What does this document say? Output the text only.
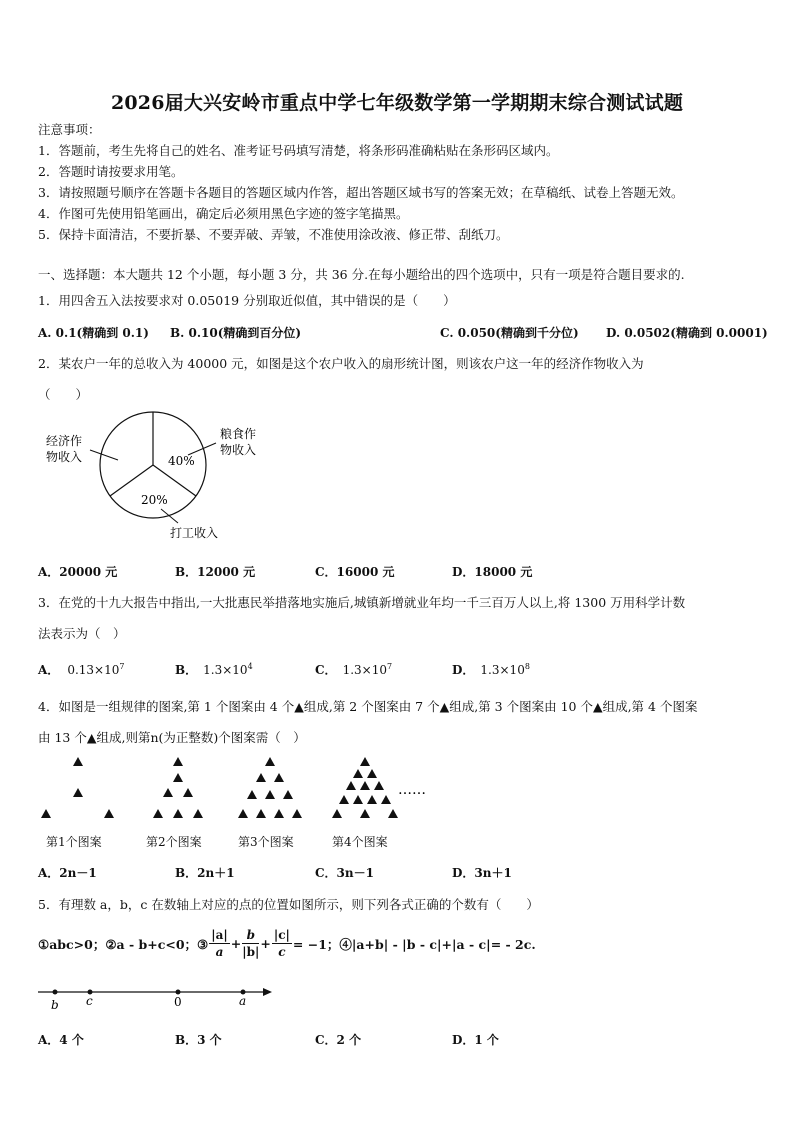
2026届大兴安岭市重点中学七年级数学第一学期期末综合测试试题
注意事项：
1．答题前，考生先将自己的姓名、准考证号码填写清楚，将条形码准确粘贴在条形码区域内。
2．答题时请按要求用笔。
3．请按照题号顺序在答题卡各题目的答题区域内作答，超出答题区域书写的答案无效；在草稿纸、试卷上答题无效。
4．作图可先使用铅笔画出，确定后必须用黑色字迹的签字笔描黑。
5．保持卡面清洁，不要折暴、不要弄破、弄皱，不准使用涂改液、修正带、刮纸刀。
一、选择题：本大题共 12 个小题，每小题 3 分，共 36 分.在每小题给出的四个选项中，只有一项是符合题目要求的.
1．用四舍五入法按要求对 0.05019 分别取近似值，其中错误的是（　　）
A. 0.1(精确到 0.1) B. 0.10(精确到百分位)	C. 0.050(精确到千分位) D. 0.0502(精确到 0.0001)
2．某农户一年的总收入为 40000 元，如图是这个农户收入的扇形统计图，则该农户这一年的经济作物收入为
（　　）
经济作
物收入
粮食作
物收入
40%
20%
打工收入
A．20000 元	B．12000 元	C．16000 元	D．18000 元
3．在党的十九大报告中指出,一大批惠民举措落地实施后,城镇新增就业年均一千三百万人以上,将 1300 万用科学计数
法表示为（　）
A． $0.13\times 10^7$	B． $1.3\times 10^4$	C． $1.3\times 10^7$	D． $1.3\times 10^8$
4．如图是一组规律的图案,第 1 个图案由 4 个▲组成,第 2 个图案由 7 个▲组成,第 3 个图案由 10 个▲组成,第 4 个图案
由 13 个▲组成,则第n(为正整数)个图案需（　）
……
第1个图案	第2个图案	第3个图案	第4个图案
A．2n－1	B．2n＋1	C．3n－1	D．3n＋1
5．有理数 a，b，c 在数轴上对应的点的位置如图所示，则下列各式正确的个数有（　　）
①abc>0；②a - b+c<0；③ $\frac{|a|}{a} + \frac{b}{|b|} + \frac{|c|}{c} = -1$；④|a+b| - |b - c|+|a - c|= - 2c.
b c	0	a
A．4 个	B．3 个	C．2 个	D．1 个
